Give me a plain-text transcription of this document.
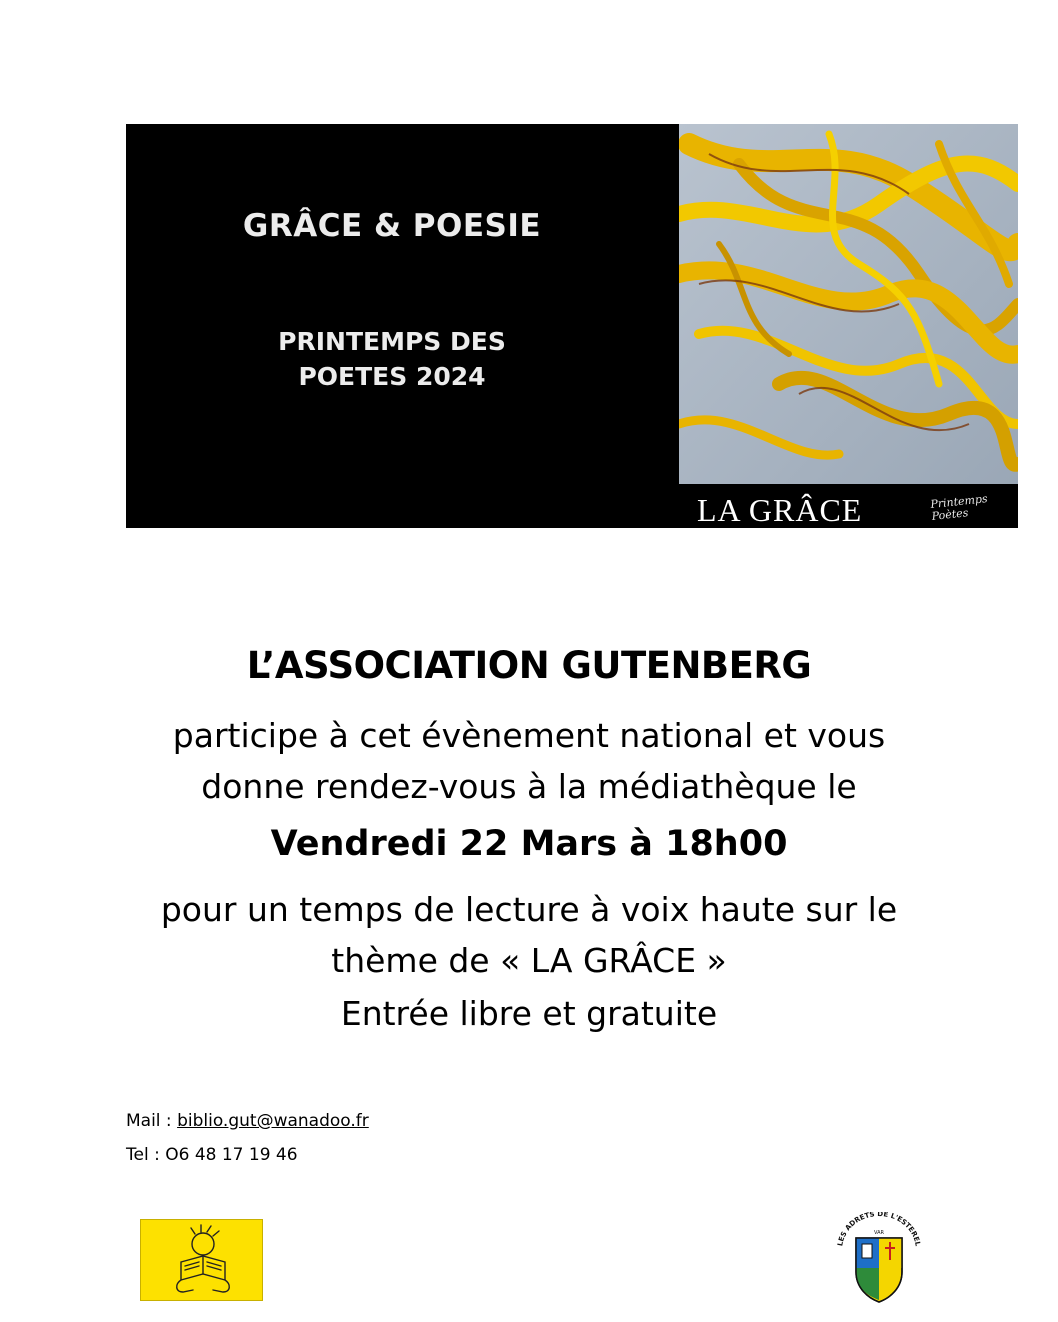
GRÂCE & POESIE
PRINTEMPS DES
POETES 2024
LA GRÂCE	Printemps
Poètes
L’ASSOCIATION GUTENBERG
participe à cet évènement national et vous
donne rendez-vous à la médiathèque le
Vendredi 22 Mars à 18h00
pour un temps de lecture à voix haute sur le
thème de « LA GRÂCE »
Entrée libre et gratuite
Mail : biblio.gut@wanadoo.fr
Tel : O6 48 17 19 46
LES ADRETS DE L'ESTEREL
VAR
